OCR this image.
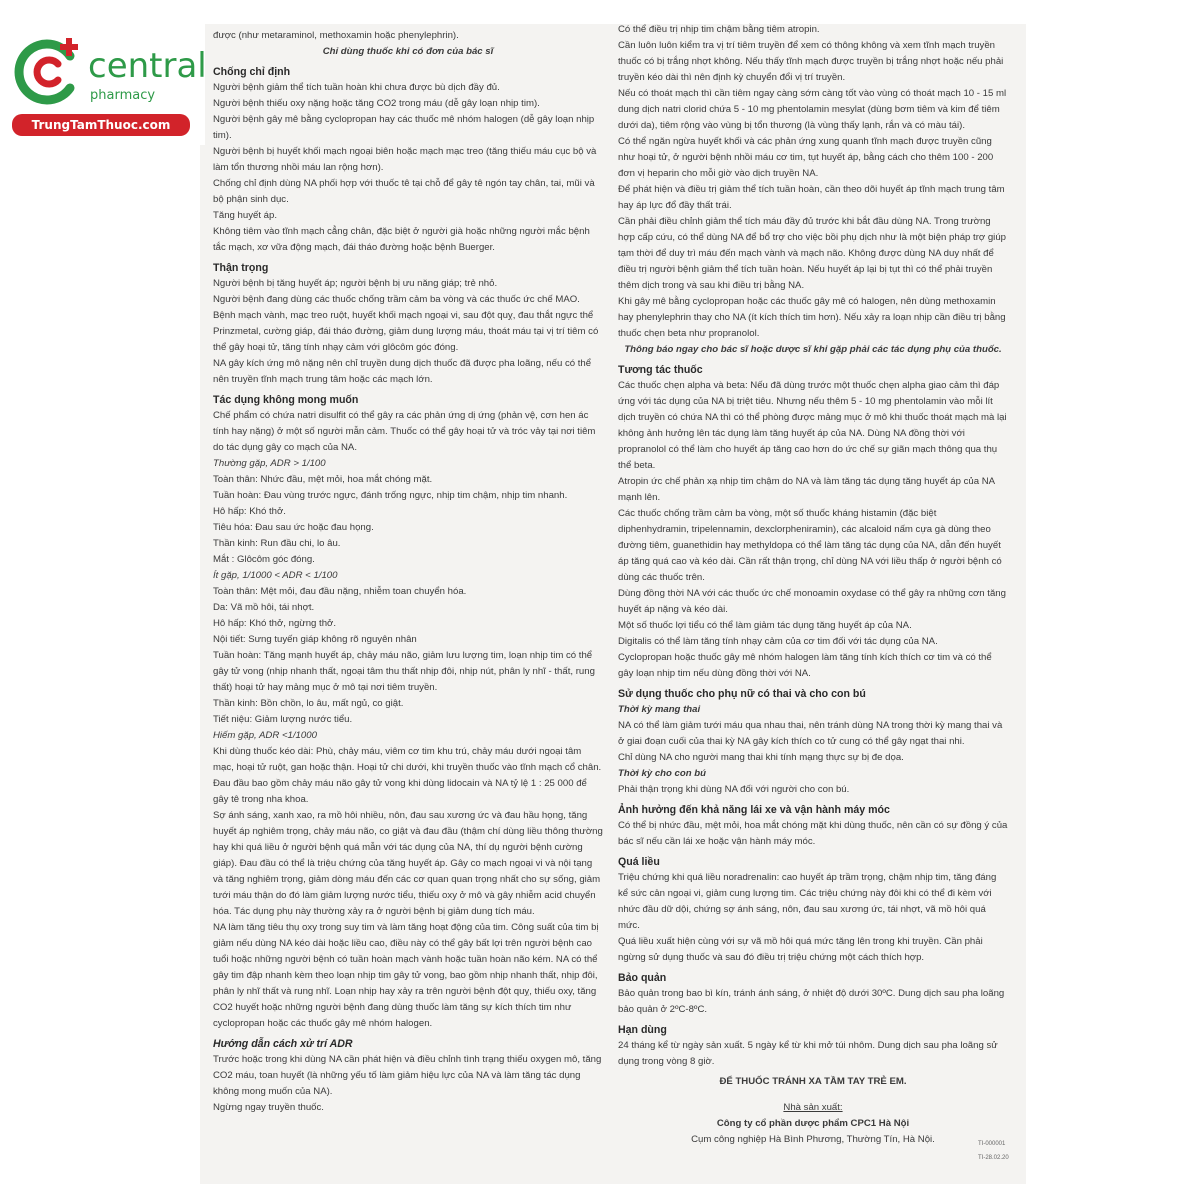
central
pharmacy
TrungTamThuoc.com

được (như metaraminol, methoxamin hoặc phenylephrin).

Chỉ dùng thuốc khi có đơn của bác sĩ

Chống chỉ định

Người bệnh giảm thể tích tuần hoàn khi chưa được bù dịch đầy đủ.

Người bệnh thiếu oxy nặng hoặc tăng CO2 trong máu (dễ gây loạn nhịp tim).

Người bệnh gây mê bằng cyclopropan hay các thuốc mê nhóm halogen (dễ gây loạn nhịp tim).

Người bệnh bị huyết khối mạch ngoại biên hoặc mạch mạc treo (tăng thiếu máu cục bộ và làm tổn thương nhồi máu lan rộng hơn).

Chống chỉ định dùng NA phối hợp với thuốc tê tại chỗ để gây tê ngón tay chân, tai, mũi và bộ phận sinh dục.

Tăng huyết áp.

Không tiêm vào tĩnh mạch cẳng chân, đặc biệt ở người già hoặc những người mắc bệnh tắc mạch, xơ vữa động mạch, đái tháo đường hoặc bệnh Buerger.

Thận trọng

Người bệnh bị tăng huyết áp; người bệnh bị ưu năng giáp; trẻ nhỏ.

Người bệnh đang dùng các thuốc chống trầm cảm ba vòng và các thuốc ức chế MAO.

Bệnh mạch vành, mạc treo ruột, huyết khối mạch ngoại vi, sau đột quỵ, đau thắt ngực thể Prinzmetal, cường giáp, đái tháo đường, giảm dung lượng máu, thoát máu tại vị trí tiêm có thể gây hoại tử, tăng tính nhạy cảm với glôcôm góc đóng.

NA gây kích ứng mô nặng nên chỉ truyền dung dịch thuốc đã được pha loãng, nếu có thể nên truyền tĩnh mạch trung tâm hoặc các mạch lớn.

Tác dụng không mong muốn

Chế phẩm có chứa natri disulfit có thể gây ra các phản ứng dị ứng (phản vệ, cơn hen ác tính hay nặng) ở một số người mẫn cảm. Thuốc có thể gây hoại tử và tróc vảy tại nơi tiêm do tác dụng gây co mạch của NA.

Thường gặp, ADR > 1/100

Toàn thân: Nhức đầu, mệt mỏi, hoa mắt chóng mặt.

Tuần hoàn: Đau vùng trước ngực, đánh trống ngực, nhịp tim chậm, nhịp tim nhanh.

Hô hấp: Khó thở.

Tiêu hóa: Đau sau ức hoặc đau họng.

Thần kinh: Run đầu chi, lo âu.

Mắt : Glôcôm góc đóng.

Ít gặp, 1/1000 < ADR < 1/100

Toàn thân: Mệt mỏi, đau đầu nặng, nhiễm toan chuyển hóa.

Da: Vã mồ hôi, tái nhợt.

Hô hấp: Khó thở, ngừng thở.

Nội tiết: Sưng tuyến giáp không rõ nguyên nhân

Tuần hoàn: Tăng mạnh huyết áp, chảy máu não, giảm lưu lượng tim, loạn nhịp tim có thể gây tử vong (nhịp nhanh thất, ngoại tâm thu thất nhịp đôi, nhịp nút, phân ly nhĩ - thất, rung thất) hoại tử hay mảng mục ở mô tại nơi tiêm truyền.

Thần kinh: Bồn chồn, lo âu, mất ngủ, co giật.

Tiết niệu: Giảm lượng nước tiểu.

Hiếm gặp, ADR <1/1000

Khi dùng thuốc kéo dài: Phù, chảy máu, viêm cơ tim khu trú, chảy máu dưới ngoại tâm mạc, hoại tử ruột, gan hoặc thận. Hoại tử chi dưới, khi truyền thuốc vào tĩnh mạch cổ chân.

Đau đầu bao gồm chảy máu não gây tử vong khi dùng lidocain và NA tỷ lệ 1 : 25 000 để gây tê trong nha khoa.

Sợ ánh sáng, xanh xao, ra mồ hôi nhiều, nôn, đau sau xương ức và đau hầu họng, tăng huyết áp nghiêm trọng, chảy máu não, co giật và đau đầu (thậm chí dùng liều thông thường hay khi quá liều ở người bệnh quá mẫn với tác dụng của NA, thí dụ người bệnh cường giáp). Đau đầu có thể là triệu chứng của tăng huyết áp. Gây co mạch ngoại vi và nội tạng và tăng nghiêm trọng, giảm dòng máu đến các cơ quan quan trọng nhất cho sự sống, giảm tưới máu thận do đó làm giảm lượng nước tiểu, thiếu oxy ở mô và gây nhiễm acid chuyển hóa. Tác dụng phụ này thường xảy ra ở người bệnh bị giảm dung tích máu.

NA làm tăng tiêu thụ oxy trong suy tim và làm tăng hoạt động của tim. Công suất của tim bị giảm nếu dùng NA kéo dài hoặc liều cao, điều này có thể gây bất lợi trên người bệnh cao tuổi hoặc những người bệnh có tuần hoàn mạch vành hoặc tuần hoàn não kém. NA có thể gây tim đập nhanh kèm theo loạn nhịp tim gây tử vong, bao gồm nhịp nhanh thất, nhịp đôi, phân ly nhĩ thất và rung nhĩ. Loạn nhịp hay xảy ra trên người bệnh đột quỵ, thiếu oxy, tăng CO2 huyết hoặc những người bệnh đang dùng thuốc làm tăng sự kích thích tim như cyclopropan hoặc các thuốc gây mê nhóm halogen.

Hướng dẫn cách xử trí ADR

Trước hoặc trong khi dùng NA cần phát hiện và điều chỉnh tình trạng thiếu oxygen mô, tăng CO2 máu, toan huyết (là những yếu tố làm giảm hiệu lực của NA và làm tăng tác dụng không mong muốn của NA).

Ngừng ngay truyền thuốc.

Có thể điều trị nhịp tim chậm bằng tiêm atropin.

Cần luôn luôn kiểm tra vị trí tiêm truyền để xem có thông không và xem tĩnh mạch truyền thuốc có bị trắng nhợt không. Nếu thấy tĩnh mạch được truyền bị trắng nhợt hoặc nếu phải truyền kéo dài thì nên định kỳ chuyển đổi vị trí truyền.

Nếu có thoát mạch thì cần tiêm ngay càng sớm càng tốt vào vùng có thoát mạch 10 - 15 ml dung dịch natri clorid chứa 5 - 10 mg phentolamin mesylat (dùng bơm tiêm và kim để tiêm dưới da), tiêm rộng vào vùng bị tổn thương (là vùng thấy lạnh, rắn và có màu tái).

Có thể ngăn ngừa huyết khối và các phản ứng xung quanh tĩnh mạch được truyền cũng như hoại tử, ở người bệnh nhồi máu cơ tim, tụt huyết áp, bằng cách cho thêm 100 - 200 đơn vị heparin cho mỗi giờ vào dịch truyền NA.

Để phát hiện và điều trị giảm thể tích tuần hoàn, cần theo dõi huyết áp tĩnh mạch trung tâm hay áp lực đổ đầy thất trái.

Cần phải điều chỉnh giảm thể tích máu đầy đủ trước khi bắt đầu dùng NA. Trong trường hợp cấp cứu, có thể dùng NA để bổ trợ cho việc bồi phụ dịch như là một biện pháp trợ giúp tạm thời để duy trì máu đến mạch vành và mạch não. Không được dùng NA duy nhất để điều trị người bệnh giảm thể tích tuần hoàn. Nếu huyết áp lại bị tụt thì có thể phải truyền thêm dịch trong và sau khi điều trị bằng NA.

Khi gây mê bằng cyclopropan hoặc các thuốc gây mê có halogen, nên dùng methoxamin hay phenylephrin thay cho NA (ít kích thích tim hơn). Nếu xảy ra loạn nhịp cần điều trị bằng thuốc chẹn beta như propranolol.

Thông báo ngay cho bác sĩ hoặc dược sĩ khi gặp phải các tác dụng phụ của thuốc.

Tương tác thuốc

Các thuốc chẹn alpha và beta: Nếu đã dùng trước một thuốc chẹn alpha giao cảm thì đáp ứng với tác dụng của NA bị triệt tiêu. Nhưng nếu thêm 5 - 10 mg phentolamin vào mỗi lít dịch truyền có chứa NA thì có thể phòng được mảng mục ở mô khi thuốc thoát mạch mà lại không ảnh hưởng lên tác dụng làm tăng huyết áp của NA. Dùng NA đồng thời với propranolol có thể làm cho huyết áp tăng cao hơn do ức chế sự giãn mạch thông qua thụ thể beta.

Atropin ức chế phản xạ nhịp tim chậm do NA và làm tăng tác dụng tăng huyết áp của NA mạnh lên.

Các thuốc chống trầm cảm ba vòng, một số thuốc kháng histamin (đặc biệt diphenhydramin, tripelennamin, dexclorpheniramin), các alcaloid nấm cựa gà dùng theo đường tiêm, guanethidin hay methyldopa có thể làm tăng tác dụng của NA, dẫn đến huyết áp tăng quá cao và kéo dài. Cần rất thận trọng, chỉ dùng NA với liều thấp ở người bệnh có dùng các thuốc trên.

Dùng đồng thời NA với các thuốc ức chế monoamin oxydase có thể gây ra những cơn tăng huyết áp nặng và kéo dài.

Một số thuốc lợi tiểu có thể làm giảm tác dụng tăng huyết áp của NA.

Digitalis có thể làm tăng tính nhạy cảm của cơ tim đối với tác dụng của NA.

Cyclopropan hoặc thuốc gây mê nhóm halogen làm tăng tính kích thích cơ tim và có thể gây loạn nhịp tim nếu dùng đồng thời với NA.

Sử dụng thuốc cho phụ nữ có thai và cho con bú

Thời kỳ mang thai

NA có thể làm giảm tưới máu qua nhau thai, nên tránh dùng NA trong thời kỳ mang thai và ở giai đoạn cuối của thai kỳ NA gây kích thích co tử cung có thể gây ngạt thai nhi.

Chỉ dùng NA cho người mang thai khi tính mạng thực sự bị đe dọa.

Thời kỳ cho con bú

Phải thận trọng khi dùng NA đối với người cho con bú.

Ảnh hưởng đến khả năng lái xe và vận hành máy móc

Có thể bị nhức đầu, mệt mỏi, hoa mắt chóng mặt khi dùng thuốc, nên cần có sự đồng ý của bác sĩ nếu cần lái xe hoặc vận hành máy móc.

Quá liều

Triệu chứng khi quá liều noradrenalin: cao huyết áp trầm trọng, chậm nhịp tim, tăng đáng kể sức cản ngoại vi, giảm cung lượng tim. Các triệu chứng này đôi khi có thể đi kèm với nhức đầu dữ dội, chứng sợ ánh sáng, nôn, đau sau xương ức, tái nhợt, vã mồ hôi quá mức.

Quá liều xuất hiện cùng với sự vã mồ hôi quá mức tăng lên trong khi truyền. Cần phải ngừng sử dụng thuốc và sau đó điều trị triệu chứng một cách thích hợp.

Bảo quản

Bảo quản trong bao bì kín, tránh ánh sáng, ở nhiệt độ dưới 30ºC. Dung dịch sau pha loãng bảo quản ở 2ºC-8ºC.

Hạn dùng

24 tháng kể từ ngày sản xuất. 5 ngày kể từ khi mở túi nhôm. Dung dịch sau pha loãng sử dụng trong vòng 8 giờ.

ĐỂ THUỐC TRÁNH XA TẦM TAY TRẺ EM.

Nhà sản xuất:

Công ty cổ phần dược phẩm CPC1 Hà Nội

Cụm công nghiệp Hà Bình Phương, Thường Tín, Hà Nội.	TI-000001
TI-28.02.20
